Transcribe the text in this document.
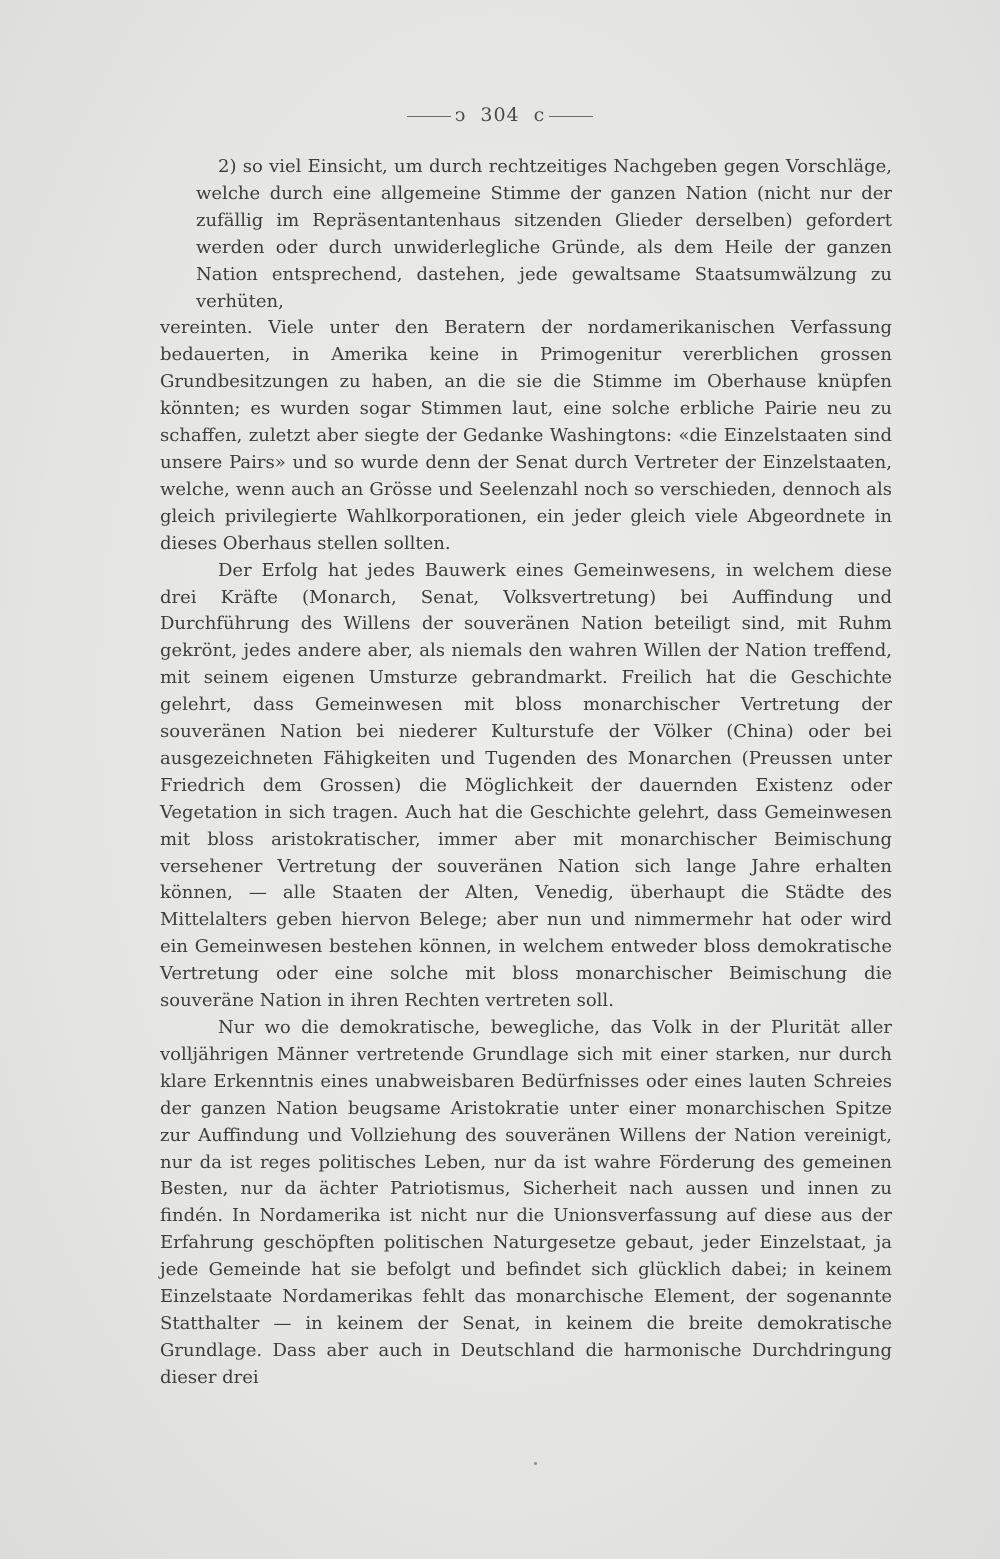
ↄ 304 c

2) so viel Einsicht, um durch rechtzeitiges Nachgeben gegen Vorschläge, welche durch eine allgemeine Stimme der ganzen Nation (nicht nur der zufällig im Repräsentantenhaus sitzenden Glieder derselben) gefordert werden oder durch unwiderlegliche Gründe, als dem Heile der ganzen Nation entsprechend, dastehen, jede gewaltsame Staatsumwälzung zu verhüten,

vereinten. Viele unter den Beratern der nordamerikanischen Verfassung bedauerten, in Amerika keine in Primogenitur vererblichen grossen Grundbesitzungen zu haben, an die sie die Stimme im Oberhause knüpfen könnten; es wurden sogar Stimmen laut, eine solche erbliche Pairie neu zu schaffen, zuletzt aber siegte der Gedanke Washingtons: «die Einzelstaaten sind unsere Pairs» und so wurde denn der Senat durch Vertreter der Einzelstaaten, welche, wenn auch an Grösse und Seelenzahl noch so verschieden, dennoch als gleich privilegierte Wahlkorporationen, ein jeder gleich viele Abgeordnete in dieses Oberhaus stellen sollten.

Der Erfolg hat jedes Bauwerk eines Gemeinwesens, in welchem diese drei Kräfte (Monarch, Senat, Volksvertretung) bei Auffindung und Durchführung des Willens der souveränen Nation beteiligt sind, mit Ruhm gekrönt, jedes andere aber, als niemals den wahren Willen der Nation treffend, mit seinem eigenen Umsturze gebrandmarkt. Freilich hat die Geschichte gelehrt, dass Gemeinwesen mit bloss monarchischer Vertretung der souveränen Nation bei niederer Kulturstufe der Völker (China) oder bei ausgezeichneten Fähigkeiten und Tugenden des Monarchen (Preussen unter Friedrich dem Grossen) die Möglichkeit der dauernden Existenz oder Vegetation in sich tragen. Auch hat die Geschichte gelehrt, dass Gemeinwesen mit bloss aristokratischer, immer aber mit monarchischer Beimischung versehener Vertretung der souveränen Nation sich lange Jahre erhalten können, — alle Staaten der Alten, Venedig, überhaupt die Städte des Mittelalters geben hiervon Belege; aber nun und nimmermehr hat oder wird ein Gemeinwesen bestehen können, in welchem entweder bloss demokratische Vertretung oder eine solche mit bloss monarchischer Beimischung die souveräne Nation in ihren Rechten vertreten soll.

Nur wo die demokratische, bewegliche, das Volk in der Plurität aller volljährigen Männer vertretende Grundlage sich mit einer starken, nur durch klare Erkenntnis eines unabweisbaren Bedürfnisses oder eines lauten Schreies der ganzen Nation beugsame Aristokratie unter einer monarchischen Spitze zur Auffindung und Vollziehung des souveränen Willens der Nation vereinigt, nur da ist reges politisches Leben, nur da ist wahre Förderung des gemeinen Besten, nur da ächter Patriotismus, Sicherheit nach aussen und innen zu findén. In Nordamerika ist nicht nur die Unionsverfassung auf diese aus der Erfahrung geschöpften politischen Naturgesetze gebaut, jeder Einzelstaat, ja jede Gemeinde hat sie befolgt und befindet sich glücklich dabei; in keinem Einzelstaate Nordamerikas fehlt das monarchische Element, der sogenannte Statthalter — in keinem der Senat, in keinem die breite demokratische Grundlage. Dass aber auch in Deutschland die harmonische Durchdringung dieser drei
